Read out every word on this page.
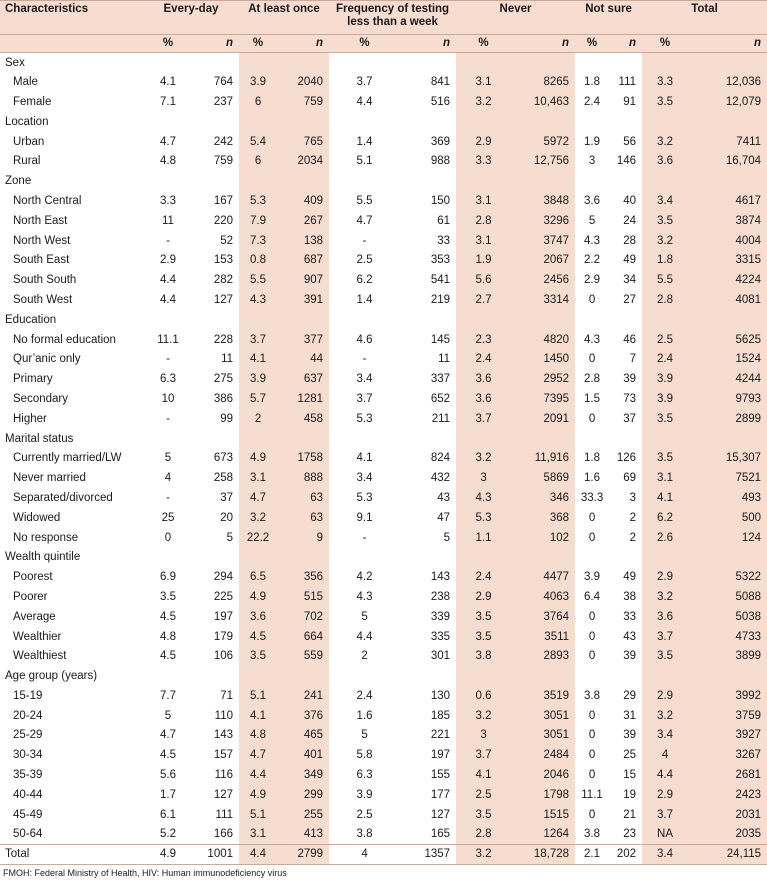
Characteristics	Every-day		At least once		Frequency of testing less than a week		Never		Not sure		Total	
	%	n	%	n	%	n	%	n	%	n	%	n
Sex												
Male	4.1	764	3.9	2040	3.7	841	3.1	8265	1.8	111	3.3	12,036
Female	7.1	237	6	759	4.4	516	3.2	10,463	2.4	91	3.5	12,079
Location												
Urban	4.7	242	5.4	765	1.4	369	2.9	5972	1.9	56	3.2	7411
Rural	4.8	759	6	2034	5.1	988	3.3	12,756	3	146	3.6	16,704
Zone												
North Central	3.3	167	5.3	409	5.5	150	3.1	3848	3.6	40	3.4	4617
North East	11	220	7.9	267	4.7	61	2.8	3296	5	24	3.5	3874
North West	-	52	7.3	138	-	33	3.1	3747	4.3	28	3.2	4004
South East	2.9	153	0.8	687	2.5	353	1.9	2067	2.2	49	1.8	3315
South South	4.4	282	5.5	907	6.2	541	5.6	2456	2.9	34	5.5	4224
South West	4.4	127	4.3	391	1.4	219	2.7	3314	0	27	2.8	4081
Education												
No formal education	11.1	228	3.7	377	4.6	145	2.3	4820	4.3	46	2.5	5625
Qur’anic only	-	11	4.1	44	-	11	2.4	1450	0	7	2.4	1524
Primary	6.3	275	3.9	637	3.4	337	3.6	2952	2.8	39	3.9	4244
Secondary	10	386	5.7	1281	3.7	652	3.6	7395	1.5	73	3.9	9793
Higher	-	99	2	458	5.3	211	3.7	2091	0	37	3.5	2899
Marital status												
Currently married/LW	5	673	4.9	1758	4.1	824	3.2	11,916	1.8	126	3.5	15,307
Never married	4	258	3.1	888	3.4	432	3	5869	1.6	69	3.1	7521
Separated/divorced	-	37	4.7	63	5.3	43	4.3	346	33.3	3	4.1	493
Widowed	25	20	3.2	63	9.1	47	5.3	368	0	2	6.2	500
No response	0	5	22.2	9	-	5	1.1	102	0	2	2.6	124
Wealth quintile												
Poorest	6.9	294	6.5	356	4.2	143	2.4	4477	3.9	49	2.9	5322
Poorer	3.5	225	4.9	515	4.3	238	2.9	4063	6.4	38	3.2	5088
Average	4.5	197	3.6	702	5	339	3.5	3764	0	33	3.6	5038
Wealthier	4.8	179	4.5	664	4.4	335	3.5	3511	0	43	3.7	4733
Wealthiest	4.5	106	3.5	559	2	301	3.8	2893	0	39	3.5	3899
Age group (years)												
15-19	7.7	71	5.1	241	2.4	130	0.6	3519	3.8	29	2.9	3992
20-24	5	110	4.1	376	1.6	185	3.2	3051	0	31	3.2	3759
25-29	4.7	143	4.8	465	5	221	3	3051	0	39	3.4	3927
30-34	4.5	157	4.7	401	5.8	197	3.7	2484	0	25	4	3267
35-39	5.6	116	4.4	349	6.3	155	4.1	2046	0	15	4.4	2681
40-44	1.7	127	4.9	299	3.9	177	2.5	1798	11.1	19	2.9	2423
45-49	6.1	111	5.1	255	2.5	127	3.5	1515	0	21	3.7	2031
50-64	5.2	166	3.1	413	3.8	165	2.8	1264	3.8	23	NA	2035
Total	4.9	1001	4.4	2799	4	1357	3.2	18,728	2.1	202	3.4	24,115
FMOH: Federal Ministry of Health, HIV: Human immunodeficiency virus
